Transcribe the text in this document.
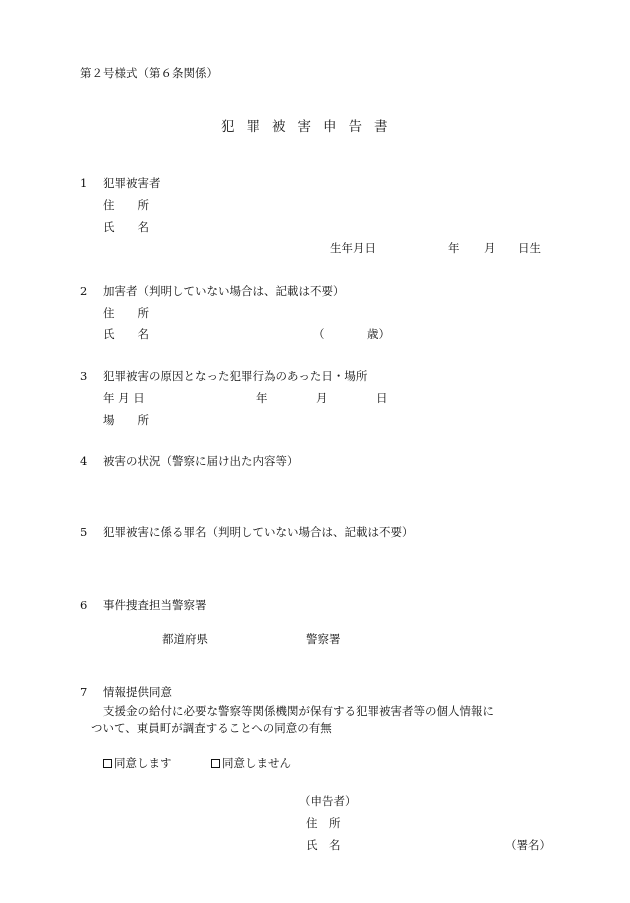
第２号様式（第６条関係）
犯罪被害申告書
1 犯罪被害者
住　　所
氏　　名
生年月日	年 月 日生
2 加害者（判明していない場合は、記載は不要）
住　　所
氏　　名	（	歳）
3 犯罪被害の原因となった犯罪行為のあった日・場所
年 月 日	年	月	日
場　　所
4 被害の状況（警察に届け出た内容等）
5 犯罪被害に係る罪名（判明していない場合は、記載は不要）
6 事件捜査担当警察署
都道府県	警察署
7 情報提供同意
支援金の給付に必要な警察等関係機関が保有する犯罪被害者等の個人情報に
ついて、東員町が調査することへの同意の有無
同意します	同意しません
（申告者）
住　所
氏　名	（署名）
